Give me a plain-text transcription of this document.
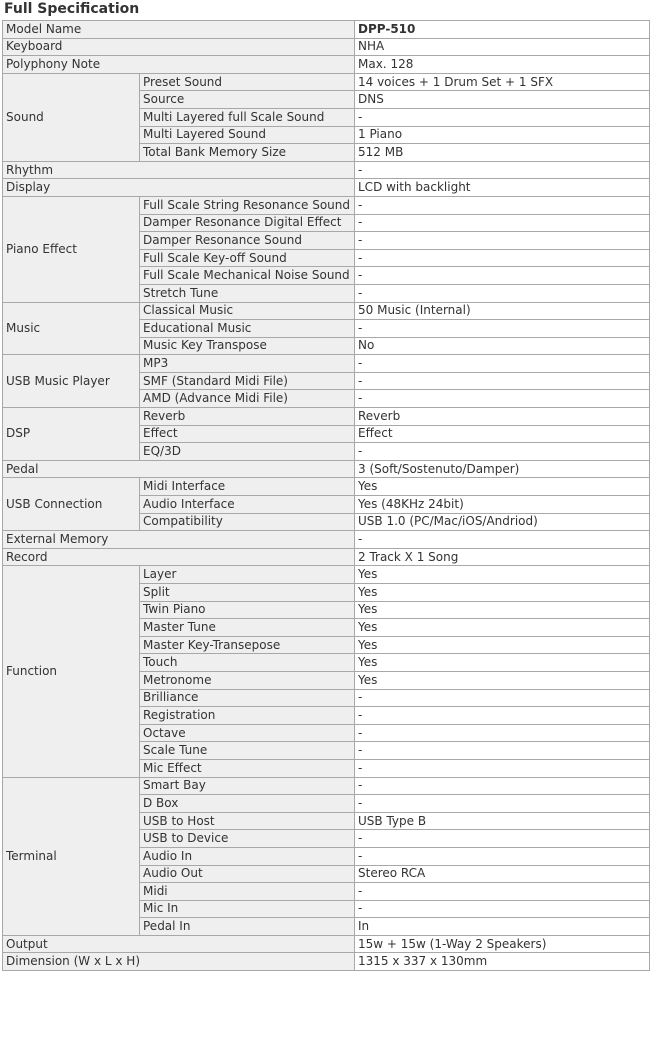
Full Specification
Model Name		DPP-510
Keyboard		NHA
Polyphony Note		Max. 128
Sound	Preset Sound	14 voices + 1 Drum Set + 1 SFX
	Source	DNS
	Multi Layered full Scale Sound	-
	Multi Layered Sound	1 Piano
	Total Bank Memory Size	512 MB
Rhythm		-
Display		LCD with backlight
Piano Effect	Full Scale String Resonance Sound	-
	Damper Resonance Digital Effect	-
	Damper Resonance Sound	-
	Full Scale Key-off Sound	-
	Full Scale Mechanical Noise Sound	-
	Stretch Tune	-
Music	Classical Music	50 Music (Internal)
	Educational Music	-
	Music Key Transpose	No
USB Music Player	MP3	-
	SMF (Standard Midi File)	-
	AMD (Advance Midi File)	-
DSP	Reverb	Reverb
	Effect	Effect
	EQ/3D	-
Pedal		3 (Soft/Sostenuto/Damper)
USB Connection	Midi Interface	Yes
	Audio Interface	Yes (48KHz 24bit)
	Compatibility	USB 1.0 (PC/Mac/iOS/Andriod)
External Memory		-
Record		2 Track X 1 Song
Function	Layer	Yes
	Split	Yes
	Twin Piano	Yes
	Master Tune	Yes
	Master Key-Transepose	Yes
	Touch	Yes
	Metronome	Yes
	Brilliance	-
	Registration	-
	Octave	-
	Scale Tune	-
	Mic Effect	-
Terminal	Smart Bay	-
	D Box	-
	USB to Host	USB Type B
	USB to Device	-
	Audio In	-
	Audio Out	Stereo RCA
	Midi	-
	Mic In	-
	Pedal In	In
Output		15w + 15w (1-Way 2 Speakers)
Dimension (W x L x H)		1315 x 337 x 130mm
